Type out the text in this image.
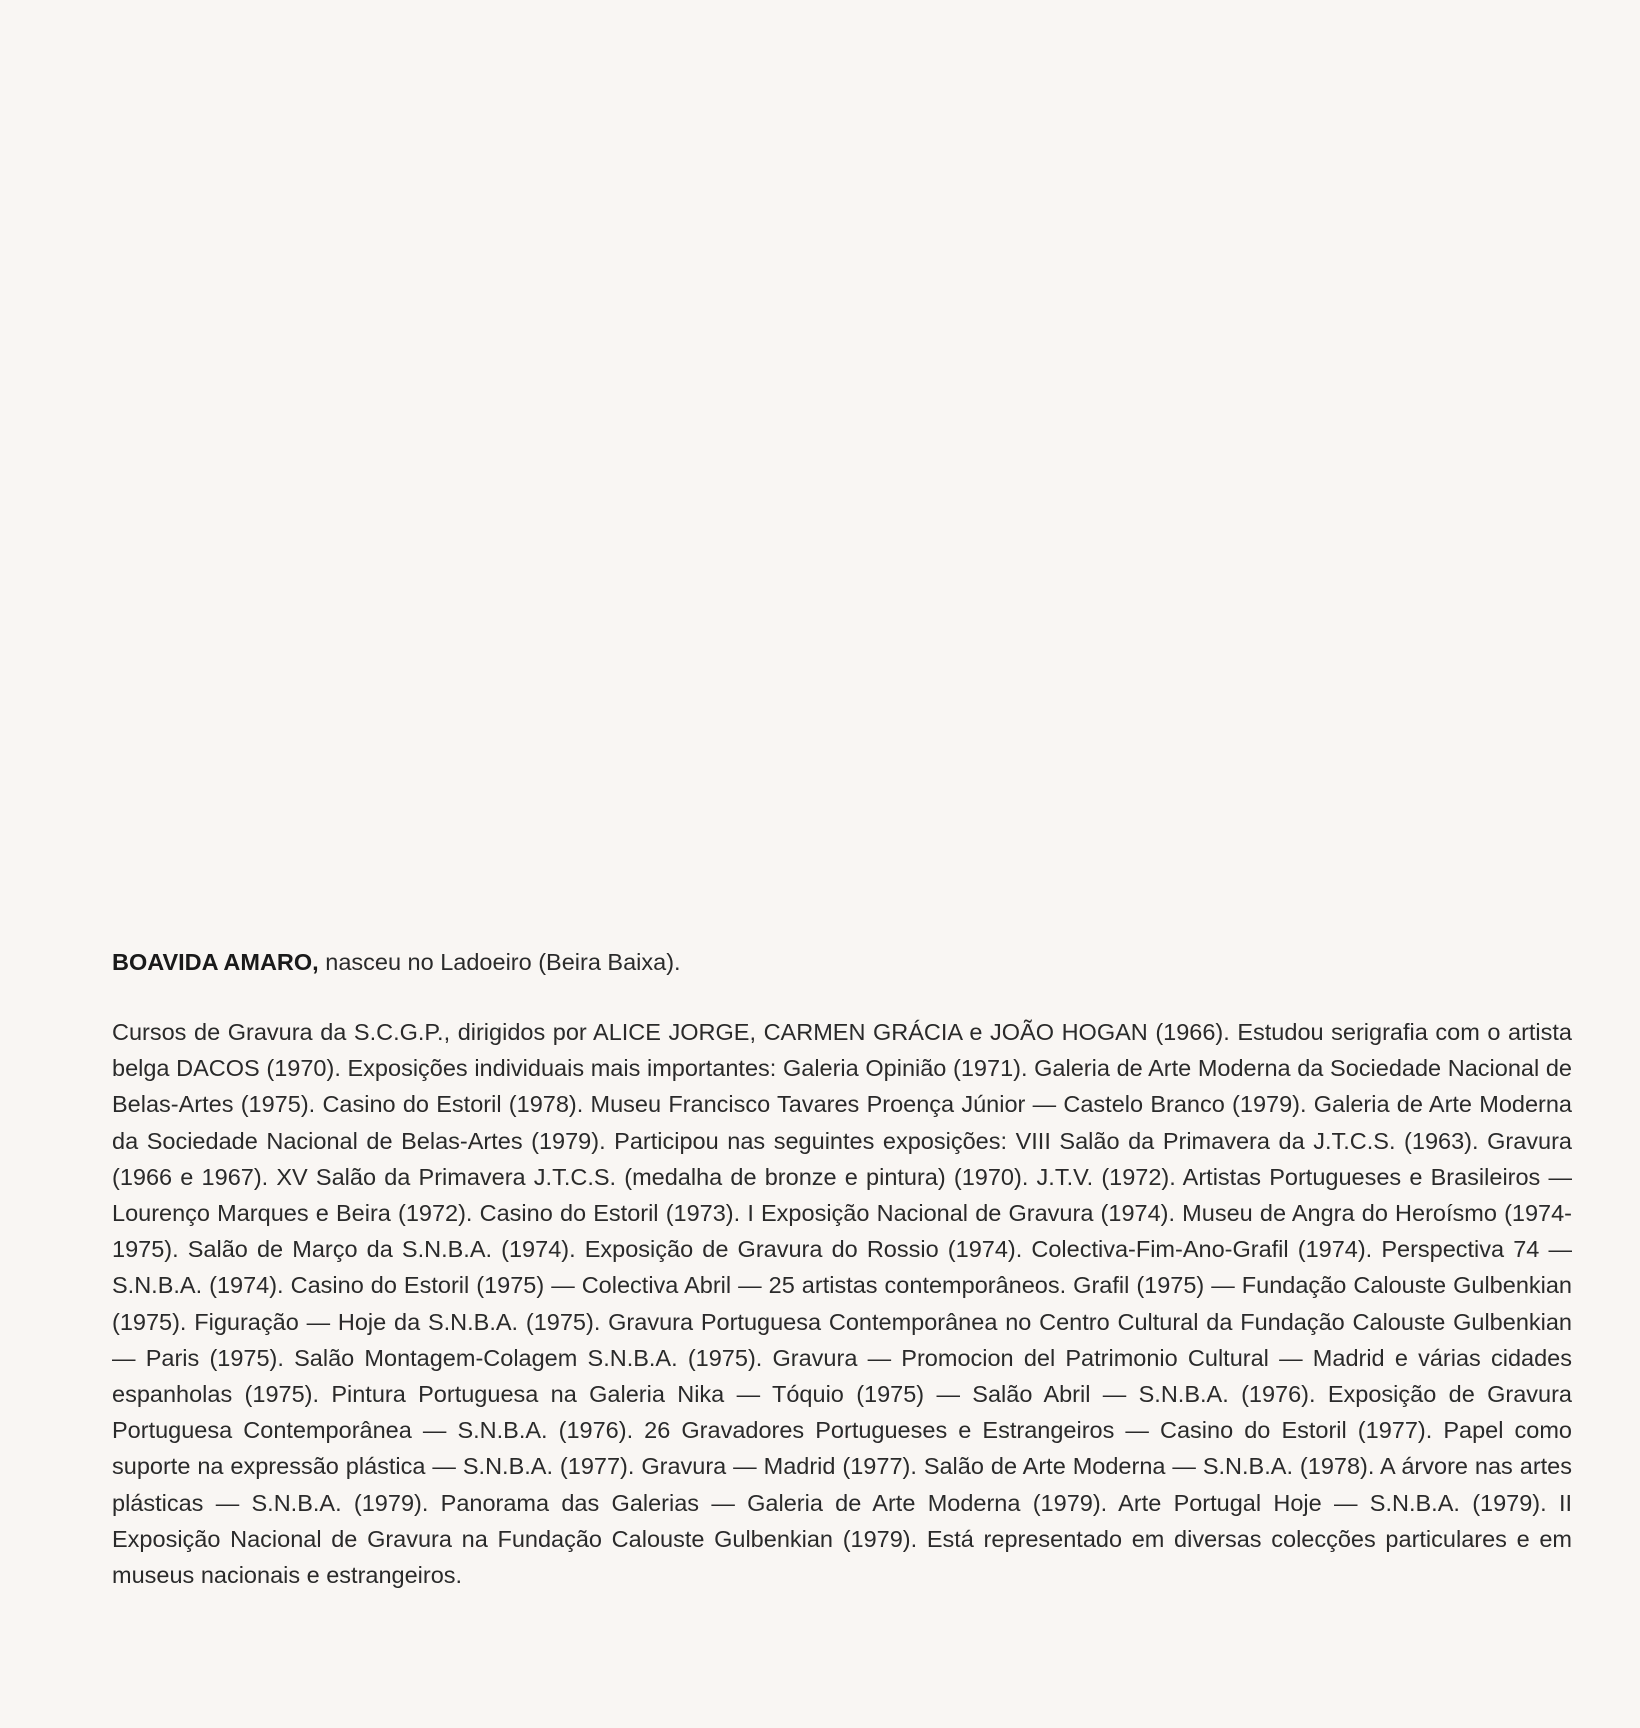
BOAVIDA AMARO, nasceu no Ladoeiro (Beira Baixa).

Cursos de Gravura da S.C.G.P., dirigidos por ALICE JORGE, CARMEN GRÁCIA e JOÃO HOGAN (1966). Estudou serigrafia com o artista belga DACOS (1970). Exposições individuais mais importantes: Galeria Opinião (1971). Galeria de Arte Moderna da Sociedade Nacional de Belas-Artes (1975). Casino do Estoril (1978). Museu Francisco Tavares Proença Júnior — Castelo Branco (1979). Galeria de Arte Moderna da Sociedade Nacional de Belas-Artes (1979). Participou nas seguintes exposições: VIII Salão da Primavera da J.T.C.S. (1963). Gravura (1966 e 1967). XV Salão da Primavera J.T.C.S. (medalha de bronze e pintura) (1970). J.T.V. (1972). Artistas Portugueses e Brasileiros — Lourenço Marques e Beira (1972). Casino do Estoril (1973). I Exposição Nacional de Gravura (1974). Museu de Angra do Heroísmo (1974-1975). Salão de Março da S.N.B.A. (1974). Exposição de Gravura do Rossio (1974). Colectiva-Fim-Ano-Grafil (1974). Perspectiva 74 — S.N.B.A. (1974). Casino do Estoril (1975) — Colectiva Abril — 25 artistas contemporâneos. Grafil (1975) — Fundação Calouste Gulbenkian (1975). Figuração — Hoje da S.N.B.A. (1975). Gravura Portuguesa Contemporânea no Centro Cultural da Fundação Calouste Gulbenkian — Paris (1975). Salão Montagem-Colagem S.N.B.A. (1975). Gravura — Promocion del Patrimonio Cultural — Madrid e várias cidades espanholas (1975). Pintura Portuguesa na Galeria Nika — Tóquio (1975) — Salão Abril — S.N.B.A. (1976). Exposição de Gravura Portuguesa Contemporânea — S.N.B.A. (1976). 26 Gravadores Portugueses e Estrangeiros — Casino do Estoril (1977). Papel como suporte na expressão plástica — S.N.B.A. (1977). Gravura — Madrid (1977). Salão de Arte Moderna — S.N.B.A. (1978). A árvore nas artes plásticas — S.N.B.A. (1979). Panorama das Galerias — Galeria de Arte Moderna (1979). Arte Portugal Hoje — S.N.B.A. (1979). II Exposição Nacional de Gravura na Fundação Calouste Gulbenkian (1979). Está representado em diversas colecções particulares e em museus nacionais e estrangeiros.
